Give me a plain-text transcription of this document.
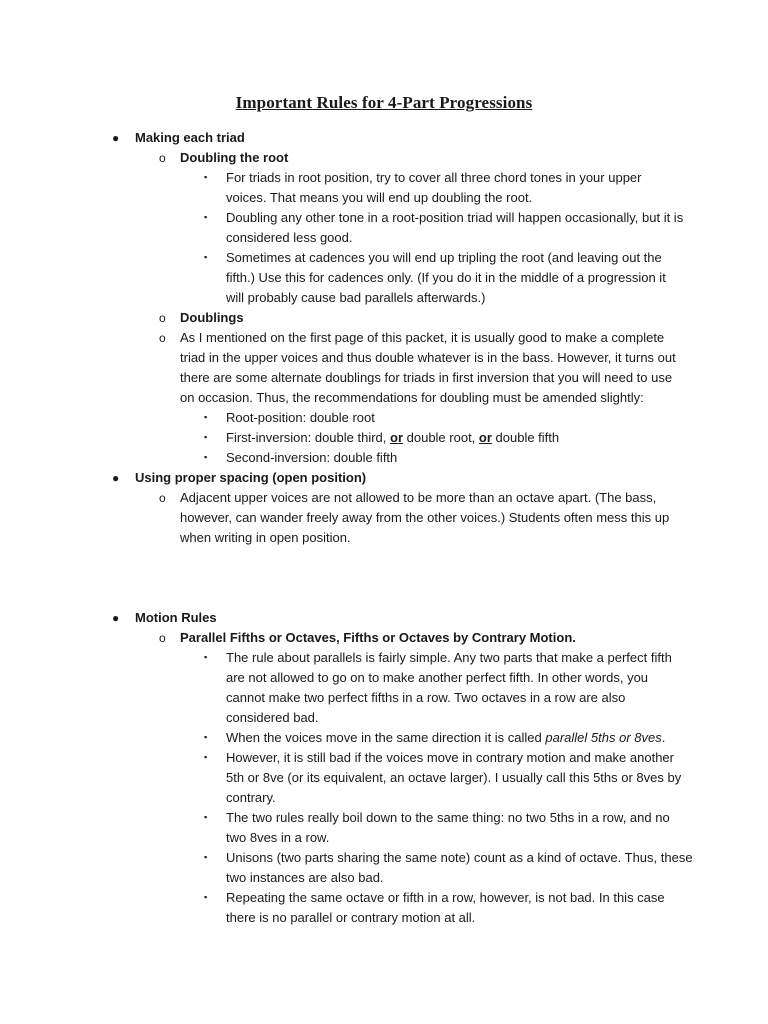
Important Rules for 4-Part Progressions
● Making each triad
o Doubling the root
▪ For triads in root position, try to cover all three chord tones in your upper
voices. That means you will end up doubling the root.
▪ Doubling any other tone in a root-position triad will happen occasionally, but it is
considered less good.
▪ Sometimes at cadences you will end up tripling the root (and leaving out the
fifth.) Use this for cadences only. (If you do it in the middle of a progression it
will probably cause bad parallels afterwards.)
o Doublings
o As I mentioned on the first page of this packet, it is usually good to make a complete
triad in the upper voices and thus double whatever is in the bass. However, it turns out
there are some alternate doublings for triads in first inversion that you will need to use
on occasion. Thus, the recommendations for doubling must be amended slightly:
▪ Root-position: double root
▪ First-inversion: double third, or double root, or double fifth
▪ Second-inversion: double fifth
● Using proper spacing (open position)
o Adjacent upper voices are not allowed to be more than an octave apart. (The bass,
however, can wander freely away from the other voices.) Students often mess this up
when writing in open position.
● Motion Rules
o Parallel Fifths or Octaves, Fifths or Octaves by Contrary Motion.
▪ The rule about parallels is fairly simple. Any two parts that make a perfect fifth
are not allowed to go on to make another perfect fifth. In other words, you
cannot make two perfect fifths in a row. Two octaves in a row are also
considered bad.
▪ When the voices move in the same direction it is called parallel 5ths or 8ves.
▪ However, it is still bad if the voices move in contrary motion and make another
5th or 8ve (or its equivalent, an octave larger). I usually call this 5ths or 8ves by
contrary.
▪ The two rules really boil down to the same thing: no two 5ths in a row, and no
two 8ves in a row.
▪ Unisons (two parts sharing the same note) count as a kind of octave. Thus, these
two instances are also bad.
▪ Repeating the same octave or fifth in a row, however, is not bad. In this case
there is no parallel or contrary motion at all.
